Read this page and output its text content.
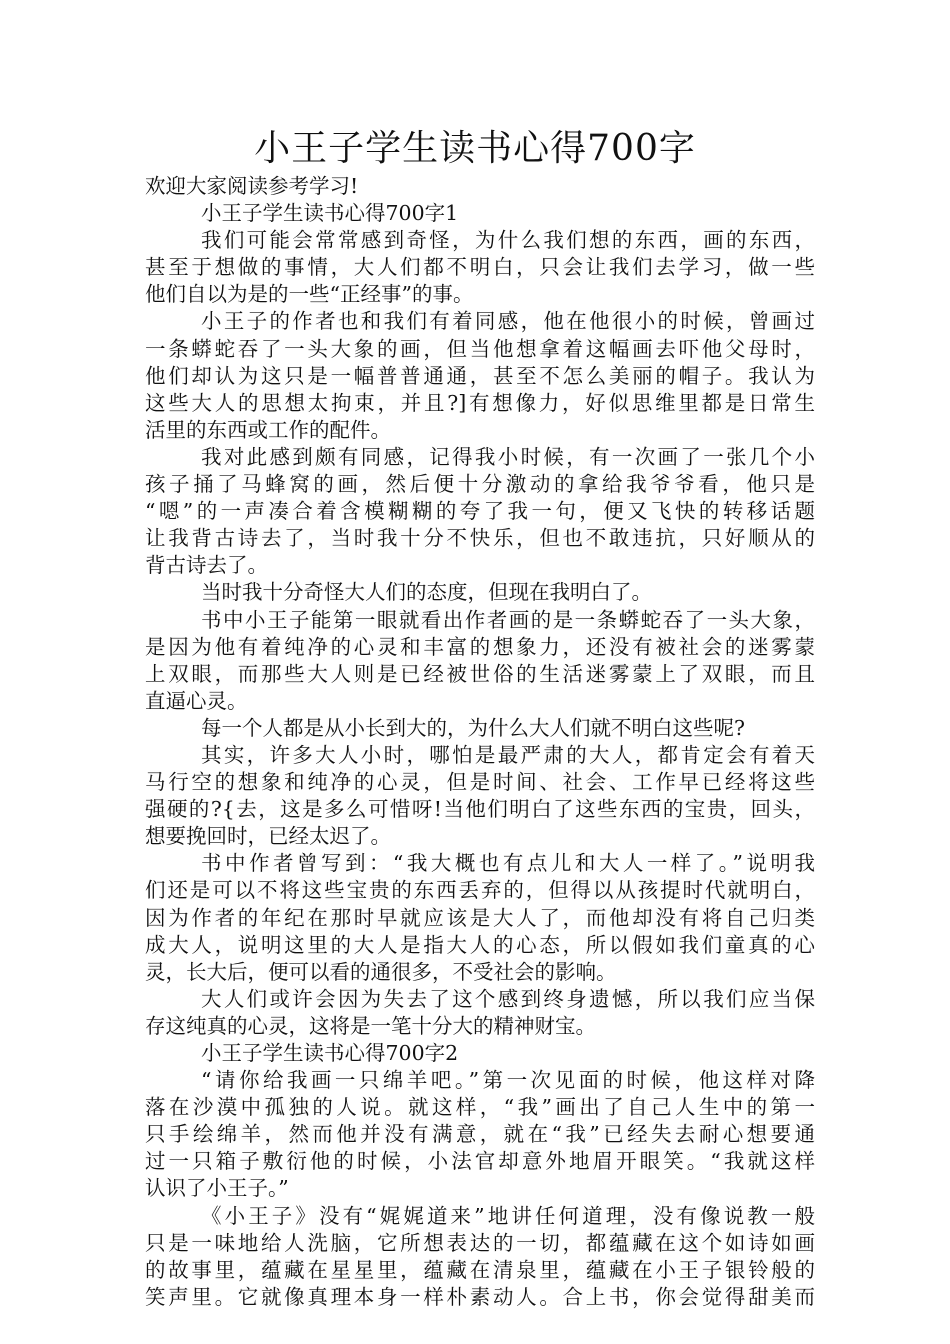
小王子学生读书心得700字
欢迎大家阅读参考学习!
小王子学生读书心得700字1
我们可能会常常感到奇怪，为什么我们想的东西，画的东西，
甚至于想做的事情，大人们都不明白，只会让我们去学习，做一些
他们自以为是的一些“正经事”的事。
小王子的作者也和我们有着同感，他在他很小的时候，曾画过
一条蟒蛇吞了一头大象的画，但当他想拿着这幅画去吓他父母时，
他们却认为这只是一幅普普通通，甚至不怎么美丽的帽子。我认为
这些大人的思想太拘束，并且?]有想像力，好似思维里都是日常生
活里的东西或工作的配件。
我对此感到颇有同感，记得我小时候，有一次画了一张几个小
孩子捅了马蜂窝的画，然后便十分激动的拿给我爷爷看，他只是
“嗯”的一声凑合着含模糊糊的夸了我一句，便又飞快的转移话题
让我背古诗去了，当时我十分不快乐，但也不敢违抗，只好顺从的
背古诗去了。
当时我十分奇怪大人们的态度，但现在我明白了。
书中小王子能第一眼就看出作者画的是一条蟒蛇吞了一头大象，
是因为他有着纯净的心灵和丰富的想象力，还没有被社会的迷雾蒙
上双眼，而那些大人则是已经被世俗的生活迷雾蒙上了双眼，而且
直逼心灵。
每一个人都是从小长到大的，为什么大人们就不明白这些呢?
其实，许多大人小时，哪怕是最严肃的大人，都肯定会有着天
马行空的想象和纯净的心灵，但是时间、社会、工作早已经将这些
强硬的?{去，这是多么可惜呀!当他们明白了这些东西的宝贵，回头，
想要挽回时，已经太迟了。
书中作者曾写到：“我大概也有点儿和大人一样了。”说明我
们还是可以不将这些宝贵的东西丢弃的，但得以从孩提时代就明白，
因为作者的年纪在那时早就应该是大人了，而他却没有将自己归类
成大人，说明这里的大人是指大人的心态，所以假如我们童真的心
灵，长大后，便可以看的通很多，不受社会的影响。
大人们或许会因为失去了这个感到终身遗憾，所以我们应当保
存这纯真的心灵，这将是一笔十分大的精神财宝。
小王子学生读书心得700字2
“请你给我画一只绵羊吧。”第一次见面的时候，他这样对降
落在沙漠中孤独的人说。就这样，“我”画出了自己人生中的第一
只手绘绵羊，然而他并没有满意，就在“我”已经失去耐心想要通
过一只箱子敷衍他的时候，小法官却意外地眉开眼笑。“我就这样
认识了小王子。”
《小王子》没有“娓娓道来”地讲任何道理，没有像说教一般
只是一味地给人洗脑，它所想表达的一切，都蕴藏在这个如诗如画
的故事里，蕴藏在星星里，蕴藏在清泉里，蕴藏在小王子银铃般的
笑声里。它就像真理本身一样朴素动人。合上书，你会觉得甜美而
